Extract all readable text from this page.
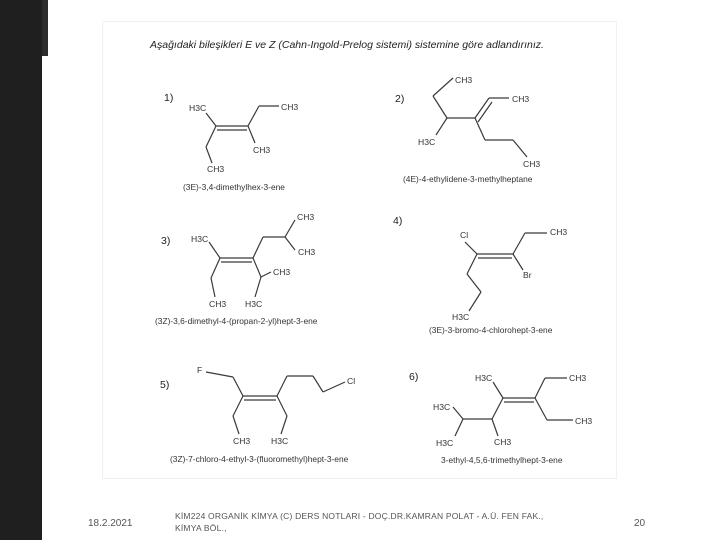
Aşağıdaki bileşikleri E ve Z (Cahn-Ingold-Prelog sistemi) sistemine göre adlandırınız.
1)
H3C	CH3
CH3
CH3
(3E)-3,4-dimethylhex-3-ene
2)
CH3
CH3
H3C
CH3
(4E)-4-ethylidene-3-methylheptane
3) H3C
CH3
CH3
CH3
CH3 H3C
(3Z)-3,6-dimethyl-4-(propan-2-yl)hept-3-ene
4)
Cl	CH3
Br
H3C
(3E)-3-bromo-4-chlorohept-3-ene
5)
F
Cl
CH3 H3C
(3Z)-7-chloro-4-ethyl-3-(fluoromethyl)hept-3-ene
6)	H3C	CH3
H3C
CH3
H3C	CH3
3-ethyl-4,5,6-trimethylhept-3-ene
18.2.2021
KİM224 ORGANİK KİMYA (C) DERS NOTLARI - DOÇ.DR.KAMRAN POLAT - A.Ü. FEN FAK., KİMYA BÖL.,	20
